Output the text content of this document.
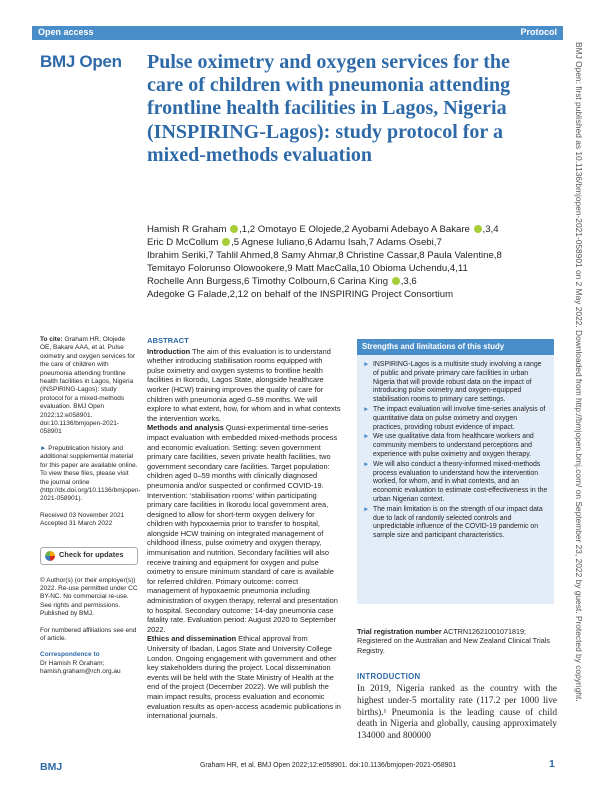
Open access	Protocol
BMJ Open Pulse oximetry and oxygen services for the care of children with pneumonia attending frontline health facilities in Lagos, Nigeria (INSPIRING-Lagos): study protocol for a mixed-methods evaluation
Hamish R Graham ,1,2 Omotayo E Olojede,2 Ayobami Adebayo A Bakare ,3,4
Eric D McCollum ,5 Agnese Iuliano,6 Adamu Isah,7 Adams Osebi,7
Ibrahim Seriki,7 Tahlil Ahmed,8 Samy Ahmar,8 Christine Cassar,8 Paula Valentine,8
Temitayo Folorunso Olowookere,9 Matt MacCalla,10 Obioma Uchendu,4,11
Rochelle Ann Burgess,6 Timothy Colbourn,6 Carina King ,3,6
Adegoke G Falade,2,12 on behalf of the INSPIRING Project Consortium	BMJ Open: first published as 10.1136/bmjopen-2021-058901 on 2 May 2022. Downloaded from http://bmjopen.bmj.com/ on September 23, 2022 by guest. Protected by copyright.
To cite: Graham HR, Olojede OE, Bakare AAA, et al. Pulse oximetry and oxygen services for the care of children with pneumonia attending frontline health facilities in Lagos, Nigeria (INSPIRING-Lagos): study protocol for a mixed-methods evaluation. BMJ Open 2022;12:e058901. doi:10.1136/bmjopen-2021-058901
► Prepublication history and additional supplemental material for this paper are available online. To view these files, please visit the journal online (http://dx.doi.org/10.1136/bmjopen-2021-058901).
Received 03 November 2021
Accepted 31 March 2022
Check for updates
© Author(s) (or their employer(s)) 2022. Re-use permitted under CC BY-NC. No commercial re-use. See rights and permissions. Published by BMJ.
For numbered affiliations see end of article.
Correspondence to
Dr Hamish R Graham; hamish.graham@rch.org.au
ABSTRACT

Introduction The aim of this evaluation is to understand whether introducing stabilisation rooms equipped with pulse oximetry and oxygen systems to frontline health facilities in Ikorodu, Lagos State, alongside healthcare worker (HCW) training improves the quality of care for children with pneumonia aged 0–59 months. We will explore to what extent, how, for whom and in what contexts the intervention works.

Methods and analysis Quasi-experimental time-series impact evaluation with embedded mixed-methods process and economic evaluation. Setting: seven government primary care facilities, seven private health facilities, two government secondary care facilities. Target population: children aged 0–59 months with clinically diagnosed pneumonia and/or suspected or confirmed COVID-19. Intervention: ‘stabilisation rooms’ within participating primary care facilities in Ikorodu local government area, designed to allow for short-term oxygen delivery for children with hypoxaemia prior to transfer to hospital, alongside HCW training on integrated management of childhood illness, pulse oximetry and oxygen therapy, immunisation and nutrition. Secondary facilities will also receive training and equipment for oxygen and pulse oximetry to ensure minimum standard of care is available for referred children. Primary outcome: correct management of hypoxaemic pneumonia including administration of oxygen therapy, referral and presentation to hospital. Secondary outcome: 14-day pneumonia case fatality rate. Evaluation period: August 2020 to September 2022.

Ethics and dissemination Ethical approval from University of Ibadan, Lagos State and University College London. Ongoing engagement with government and other key stakeholders during the project. Local dissemination events will be held with the State Ministry of Health at the end of the project (December 2022). We will publish the main impact results, process evaluation and economic evaluation results as open-access academic publications in international journals.

Strengths and limitations of this study
► INSPIRING-Lagos is a multisite study involving a range of public and private primary care facilities in urban Nigeria that will provide robust data on the impact of introducing pulse oximetry and oxygen-equipped stabilisation rooms to primary care settings.
► The impact evaluation will involve time-series analysis of quantitative data on pulse oximetry and oxygen practices, providing robust evidence of impact.
► We use qualitative data from healthcare workers and community members to understand perceptions and experience with pulse oximetry and oxygen therapy.
► We will also conduct a theory-informed mixed-methods process evaluation to understand how the intervention worked, for whom, and in what contexts, and an economic evaluation to estimate cost-effectiveness in the urban Nigerian context.
► The main limitation is on the strength of our impact data due to lack of randomly selected controls and unpredictable influence of the COVID-19 pandemic on sample size and participant characteristics.
Trial registration number ACTRN12621001071819; Registered on the Australian and New Zealand Clinical Trials Registry.
INTRODUCTION

In 2019, Nigeria ranked as the country with the highest under-5 mortality rate (117.2 per 1000 live births).¹ Pneumonia is the leading cause of child death in Nigeria and globally, causing approximately 134000 and 800000

BMJ	Graham HR, et al. BMJ Open 2022;12:e058901. doi:10.1136/bmjopen-2021-058901	1
